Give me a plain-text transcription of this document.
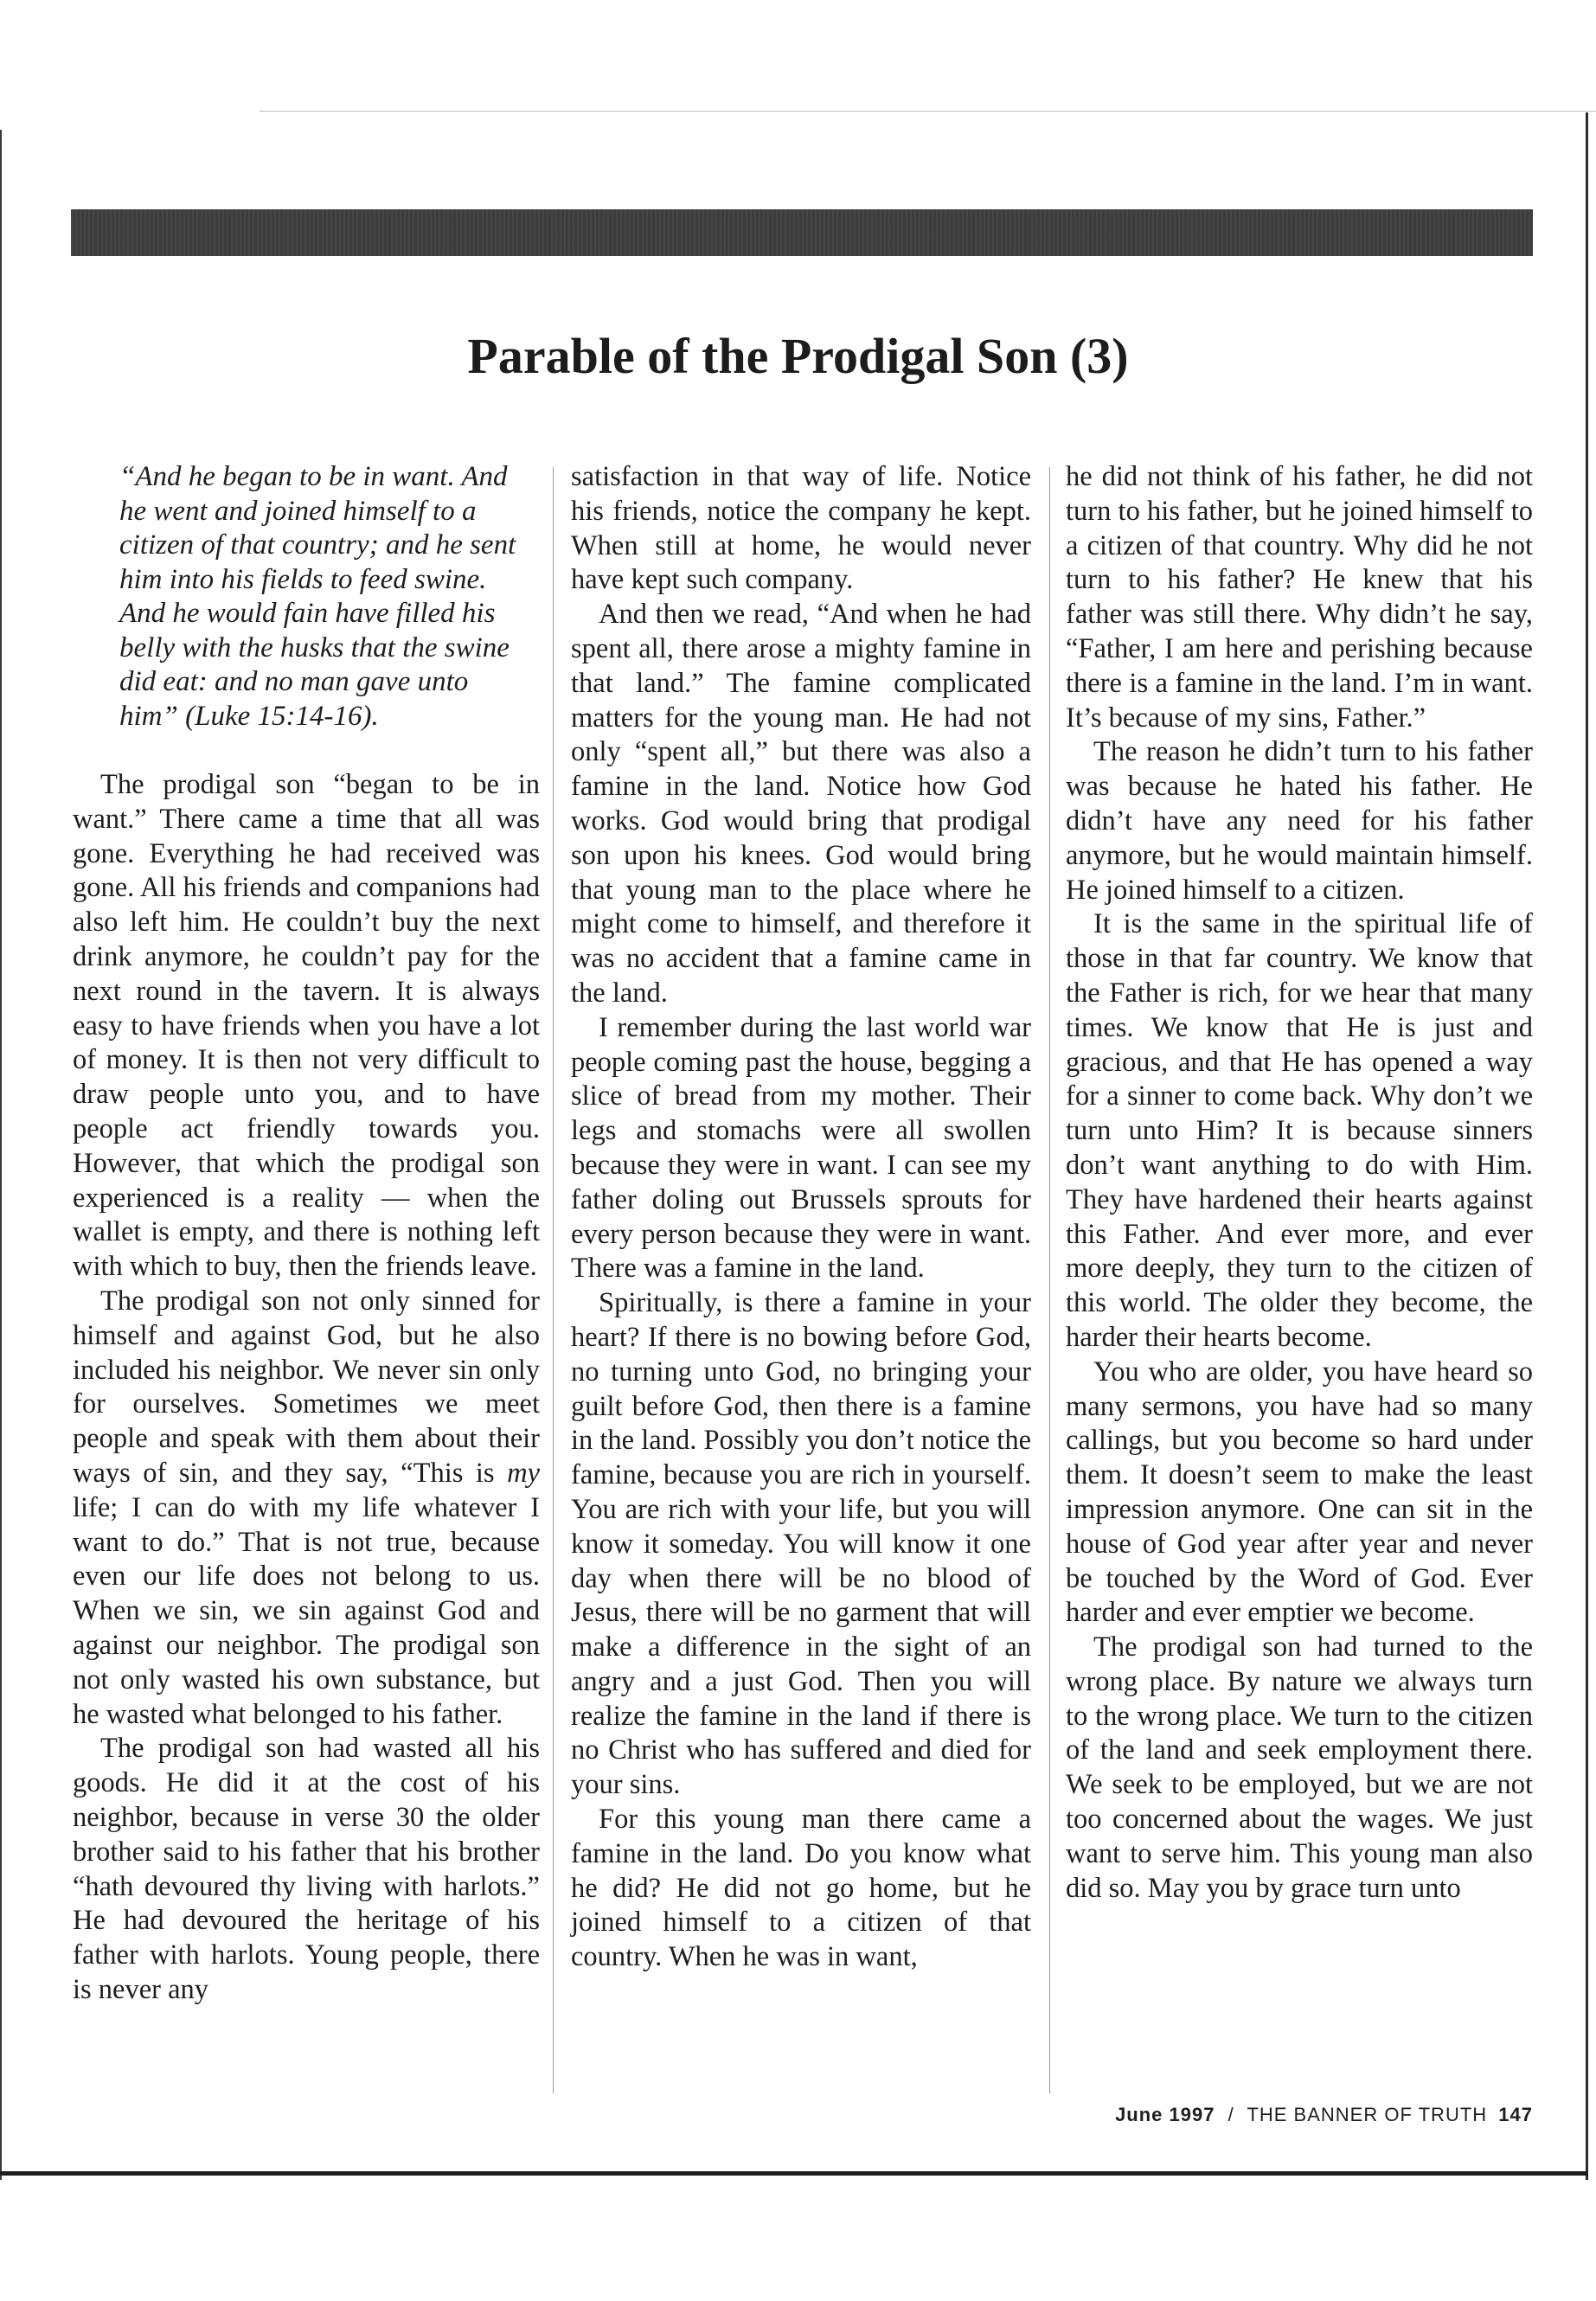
Parable of the Prodigal Son (3)

“And he began to be in want. And he went and joined himself to a citizen of that country; and he sent him into his fields to feed swine. And he would fain have filled his belly with the husks that the swine did eat: and no man gave unto him” (Luke 15:14-16).

The prodigal son “began to be in want.” There came a time that all was gone. Everything he had received was gone. All his friends and companions had also left him. He couldn’t buy the next drink anymore, he couldn’t pay for the next round in the tavern. It is always easy to have friends when you have a lot of money. It is then not very difficult to draw people unto you, and to have people act friendly towards you. However, that which the prodigal son experienced is a reality — when the wallet is empty, and there is nothing left with which to buy, then the friends leave.

The prodigal son not only sinned for himself and against God, but he also included his neighbor. We never sin only for ourselves. Sometimes we meet people and speak with them about their ways of sin, and they say, “This is my life; I can do with my life whatever I want to do.” That is not true, because even our life does not belong to us. When we sin, we sin against God and against our neighbor. The prodigal son not only wasted his own substance, but he wasted what belonged to his father.

The prodigal son had wasted all his goods. He did it at the cost of his neighbor, because in verse 30 the older brother said to his father that his brother “hath devoured thy living with harlots.” He had devoured the heritage of his father with harlots. Young people, there is never any

satisfaction in that way of life. Notice his friends, notice the company he kept. When still at home, he would never have kept such company.

And then we read, “And when he had spent all, there arose a mighty famine in that land.” The famine complicated matters for the young man. He had not only “spent all,” but there was also a famine in the land. Notice how God works. God would bring that prodigal son upon his knees. God would bring that young man to the place where he might come to himself, and therefore it was no accident that a famine came in the land.

I remember during the last world war people coming past the house, begging a slice of bread from my mother. Their legs and stomachs were all swollen because they were in want. I can see my father doling out Brussels sprouts for every person because they were in want. There was a famine in the land.

Spiritually, is there a famine in your heart? If there is no bowing before God, no turning unto God, no bringing your guilt before God, then there is a famine in the land. Possibly you don’t notice the famine, because you are rich in yourself. You are rich with your life, but you will know it someday. You will know it one day when there will be no blood of Jesus, there will be no garment that will make a difference in the sight of an angry and a just God. Then you will realize the famine in the land if there is no Christ who has suffered and died for your sins.

For this young man there came a famine in the land. Do you know what he did? He did not go home, but he joined himself to a citizen of that country. When he was in want,

he did not think of his father, he did not turn to his father, but he joined himself to a citizen of that country. Why did he not turn to his father? He knew that his father was still there. Why didn’t he say, “Father, I am here and perishing because there is a famine in the land. I’m in want. It’s because of my sins, Father.”

The reason he didn’t turn to his father was because he hated his father. He didn’t have any need for his father anymore, but he would maintain himself. He joined himself to a citizen.

It is the same in the spiritual life of those in that far country. We know that the Father is rich, for we hear that many times. We know that He is just and gracious, and that He has opened a way for a sinner to come back. Why don’t we turn unto Him? It is because sinners don’t want anything to do with Him. They have hardened their hearts against this Father. And ever more, and ever more deeply, they turn to the citizen of this world. The older they become, the harder their hearts become.

You who are older, you have heard so many sermons, you have had so many callings, but you become so hard under them. It doesn’t seem to make the least impression anymore. One can sit in the house of God year after year and never be touched by the Word of God. Ever harder and ever emptier we become.

The prodigal son had turned to the wrong place. By nature we always turn to the wrong place. We turn to the citizen of the land and seek employment there. We seek to be employed, but we are not too concerned about the wages. We just want to serve him. This young man also did so. May you by grace turn unto

June 1997 / THE BANNER OF TRUTH 147
